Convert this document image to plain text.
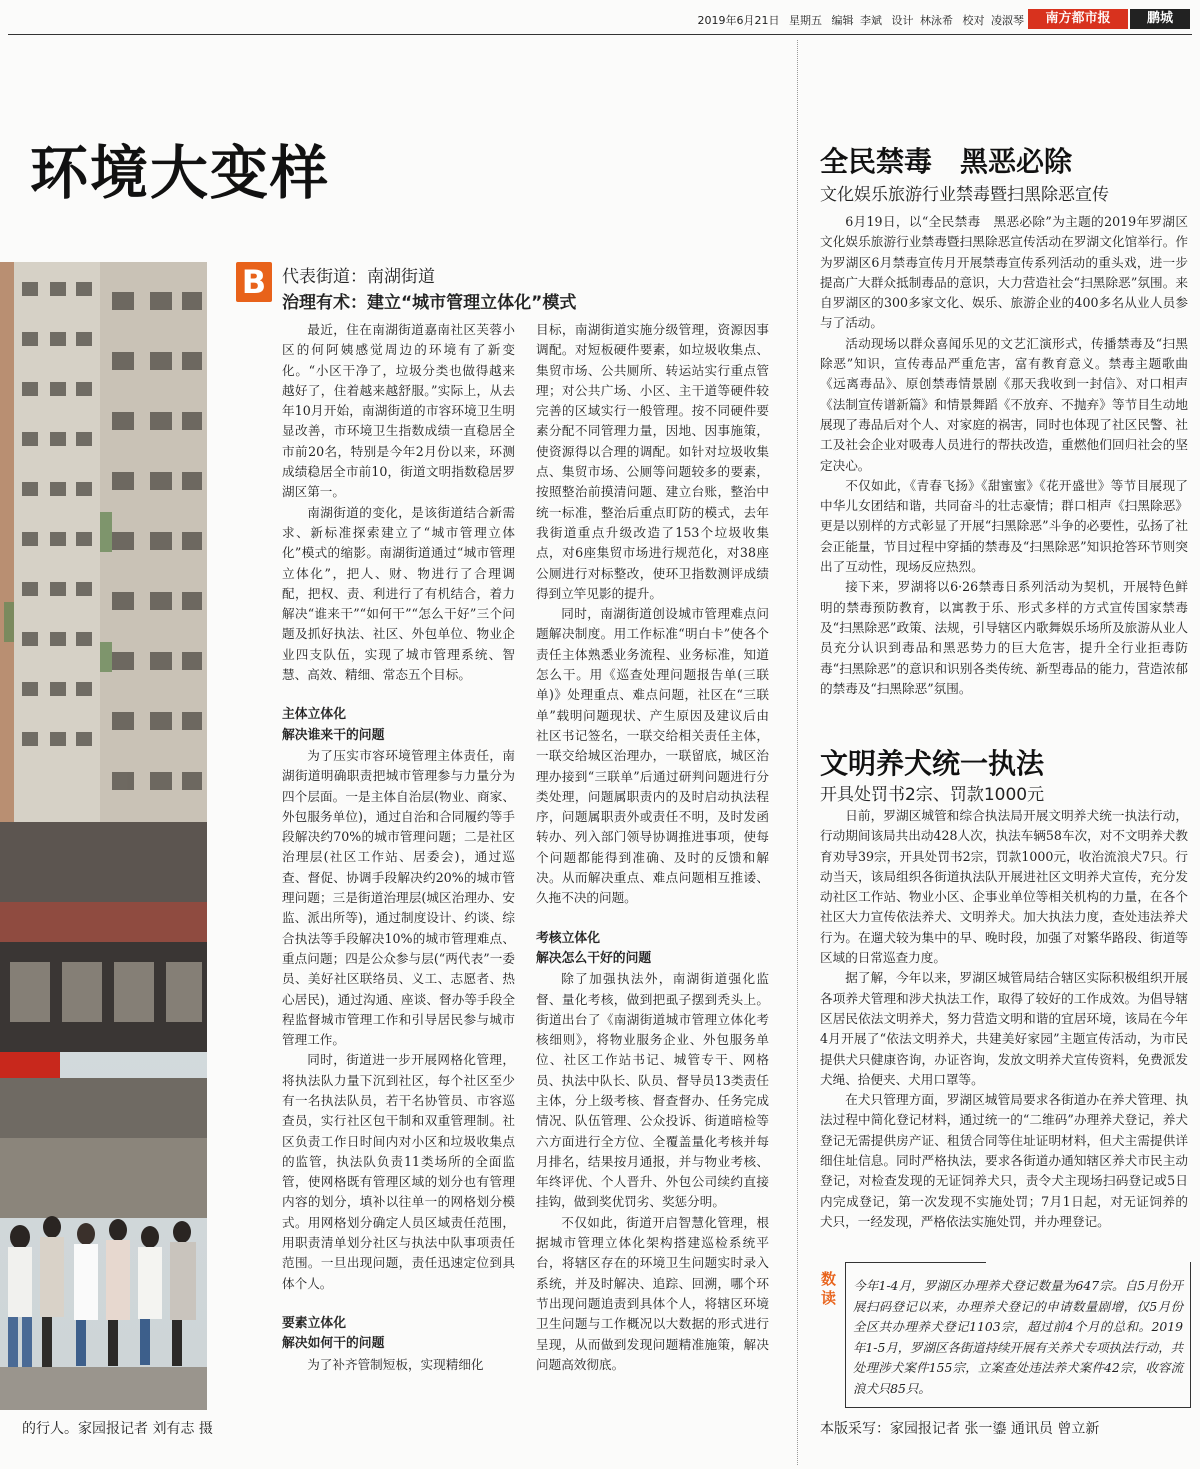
2019年6月21日 星期五 编辑 李斌 设计 林泳希 校对 凌淑琴	南方都市报	鹏城
环境大变样
的行人。家园报记者 刘有志 摄
B 代表街道：南湖街道
治理有术：建立“城市管理立体化”模式

最近，住在南湖街道嘉南社区芙蓉小区的何阿姨感觉周边的环境有了新变化。“小区干净了，垃圾分类也做得越来越好了，住着越来越舒服。”实际上，从去年10月开始，南湖街道的市容环境卫生明显改善，市环境卫生指数成绩一直稳居全市前20名，特别是今年2月份以来，环测成绩稳居全市前10，街道文明指数稳居罗湖区第一。

南湖街道的变化，是该街道结合新需求、新标准探索建立了“城市管理立体化”模式的缩影。南湖街道通过“城市管理立体化”，把人、财、物进行了合理调配，把权、责、利进行了有机结合，着力解决“谁来干”“如何干”“怎么干好”三个问题及抓好执法、社区、外包单位、物业企业四支队伍，实现了城市管理系统、智慧、高效、精细、常态五个目标。

主体立体化
解决谁来干的问题

为了压实市容环境管理主体责任，南湖街道明确职责把城市管理参与力量分为四个层面。一是主体自治层(物业、商家、外包服务单位)，通过自治和合同履约等手段解决约70%的城市管理问题；二是社区治理层(社区工作站、居委会)，通过巡查、督促、协调手段解决约20%的城市管理问题；三是街道治理层(城区治理办、安监、派出所等)，通过制度设计、约谈、综合执法等手段解决10%的城市管理难点、重点问题；四是公众参与层(“两代表”一委员、美好社区联络员、义工、志愿者、热心居民)，通过沟通、座谈、督办等手段全程监督城市管理工作和引导居民参与城市管理工作。

同时，街道进一步开展网格化管理，将执法队力量下沉到社区，每个社区至少有一名执法队员，若干名协管员、市容巡查员，实行社区包干制和双重管理制。社区负责工作日时间内对小区和垃圾收集点的监管，执法队负责11类场所的全面监管，使网格既有管理区域的划分也有管理内容的划分，填补以往单一的网格划分模式。用网格划分确定人员区域责任范围，用职责清单划分社区与执法中队事项责任范围。一旦出现问题，责任迅速定位到具体个人。

要素立体化
解决如何干的问题

为了补齐管制短板，实现精细化

目标，南湖街道实施分级管理，资源因事调配。对短板硬件要素，如垃圾收集点、集贸市场、公共厕所、转运站实行重点管理；对公共广场、小区、主干道等硬件较完善的区域实行一般管理。按不同硬件要素分配不同管理力量，因地、因事施策，使资源得以合理的调配。如针对垃圾收集点、集贸市场、公厕等问题较多的要素，按照整治前摸清问题、建立台账，整治中统一标准，整治后重点盯防的模式，去年我街道重点升级改造了153个垃圾收集点，对6座集贸市场进行规范化，对38座公厕进行对标整改，使环卫指数测评成绩得到立竿见影的提升。

同时，南湖街道创设城市管理难点问题解决制度。用工作标准“明白卡”使各个责任主体熟悉业务流程、业务标准，知道怎么干。用《巡查处理问题报告单(三联单)》处理重点、难点问题，社区在“三联单”载明问题现状、产生原因及建议后由社区书记签名，一联交给相关责任主体，一联交给城区治理办，一联留底，城区治理办接到“三联单”后通过研判问题进行分类处理，问题属职责内的及时启动执法程序，问题属职责外或责任不明，及时发函转办、列入部门领导协调推进事项，使每个问题都能得到准确、及时的反馈和解决。从而解决重点、难点问题相互推诿、久拖不决的问题。

考核立体化
解决怎么干好的问题

除了加强执法外，南湖街道强化监督、量化考核，做到把虱子摆到秃头上。街道出台了《南湖街道城市管理立体化考核细则》，将物业服务企业、外包服务单位、社区工作站书记、城管专干、网格员、执法中队长、队员、督导员13类责任主体，分上级考核、督查督办、任务完成情况、队伍管理、公众投诉、街道暗检等六方面进行全方位、全覆盖量化考核并每月排名，结果按月通报，并与物业考核、年终评优、个人晋升、外包公司续约直接挂钩，做到奖优罚劣、奖惩分明。

不仅如此，街道开启智慧化管理，根据城市管理立体化架构搭建巡检系统平台，将辖区存在的环境卫生问题实时录入系统，并及时解决、追踪、回溯，哪个环节出现问题追责到具体个人，将辖区环境卫生问题与工作概况以大数据的形式进行呈现，从而做到发现问题精准施策，解决问题高效彻底。

全民禁毒　黑恶必除
文化娱乐旅游行业禁毒暨扫黑除恶宣传

6月19日，以“全民禁毒　黑恶必除”为主题的2019年罗湖区文化娱乐旅游行业禁毒暨扫黑除恶宣传活动在罗湖文化馆举行。作为罗湖区6月禁毒宣传月开展禁毒宣传系列活动的重头戏，进一步提高广大群众抵制毒品的意识，大力营造社会“扫黑除恶”氛围。来自罗湖区的300多家文化、娱乐、旅游企业的400多名从业人员参与了活动。

活动现场以群众喜闻乐见的文艺汇演形式，传播禁毒及“扫黑除恶”知识，宣传毒品严重危害，富有教育意义。禁毒主题歌曲《远离毒品》、原创禁毒情景剧《那天我收到一封信》、对口相声《法制宣传谱新篇》和情景舞蹈《不放弃、不抛弃》等节目生动地展现了毒品后对个人、对家庭的祸害，同时也体现了社区民警、社工及社会企业对吸毒人员进行的帮扶改造，重燃他们回归社会的坚定决心。

不仅如此，《青春飞扬》《甜蜜蜜》《花开盛世》等节目展现了中华儿女团结和谐，共同奋斗的壮志豪情；群口相声《扫黑除恶》更是以别样的方式彰显了开展“扫黑除恶”斗争的必要性，弘扬了社会正能量，节目过程中穿插的禁毒及“扫黑除恶”知识抢答环节则突出了互动性，现场反应热烈。

接下来，罗湖将以6·26禁毒日系列活动为契机，开展特色鲜明的禁毒预防教育，以寓教于乐、形式多样的方式宣传国家禁毒及“扫黑除恶”政策、法规，引导辖区内歌舞娱乐场所及旅游从业人员充分认识到毒品和黑恶势力的巨大危害，提升全行业拒毒防毒“扫黑除恶”的意识和识别各类传统、新型毒品的能力，营造浓郁的禁毒及“扫黑除恶”氛围。

文明养犬统一执法
开具处罚书2宗、罚款1000元

日前，罗湖区城管和综合执法局开展文明养犬统一执法行动，行动期间该局共出动428人次，执法车辆58车次，对不文明养犬教育劝导39宗，开具处罚书2宗，罚款1000元，收治流浪犬7只。行动当天，该局组织各街道执法队开展进社区文明养犬宣传，充分发动社区工作站、物业小区、企事业单位等相关机构的力量，在各个社区大力宣传依法养犬、文明养犬。加大执法力度，查处违法养犬行为。在遛犬较为集中的早、晚时段，加强了对繁华路段、街道等区域的日常巡查力度。

据了解，今年以来，罗湖区城管局结合辖区实际积极组织开展各项养犬管理和涉犬执法工作，取得了较好的工作成效。为倡导辖区居民依法文明养犬，努力营造文明和谐的宜居环境，该局在今年4月开展了“依法文明养犬，共建美好家园”主题宣传活动，为市民提供犬只健康咨询，办证咨询，发放文明养犬宣传资料，免费派发犬绳、拾便夹、犬用口罩等。

在犬只管理方面，罗湖区城管局要求各街道办在养犬管理、执法过程中简化登记材料，通过统一的“二维码”办理养犬登记，养犬登记无需提供房产证、租赁合同等住址证明材料，但犬主需提供详细住址信息。同时严格执法，要求各街道办通知辖区养犬市民主动登记，对检查发现的无证饲养犬只，责令犬主现场扫码登记或5日内完成登记，第一次发现不实施处罚；7月1日起，对无证饲养的犬只，一经发现，严格依法实施处罚，并办理登记。

数读
今年1-4月，罗湖区办理养犬登记数量为647宗。自5月份开展扫码登记以来，办理养犬登记的申请数量剧增，仅5月份全区共办理养犬登记1103宗，超过前4个月的总和。2019年1-5月，罗湖区各街道持续开展有关养犬专项执法行动，共处理涉犬案件155宗，立案查处违法养犬案件42宗，收容流浪犬只85只。
本版采写：家园报记者 张一鎏 通讯员 曾立新
